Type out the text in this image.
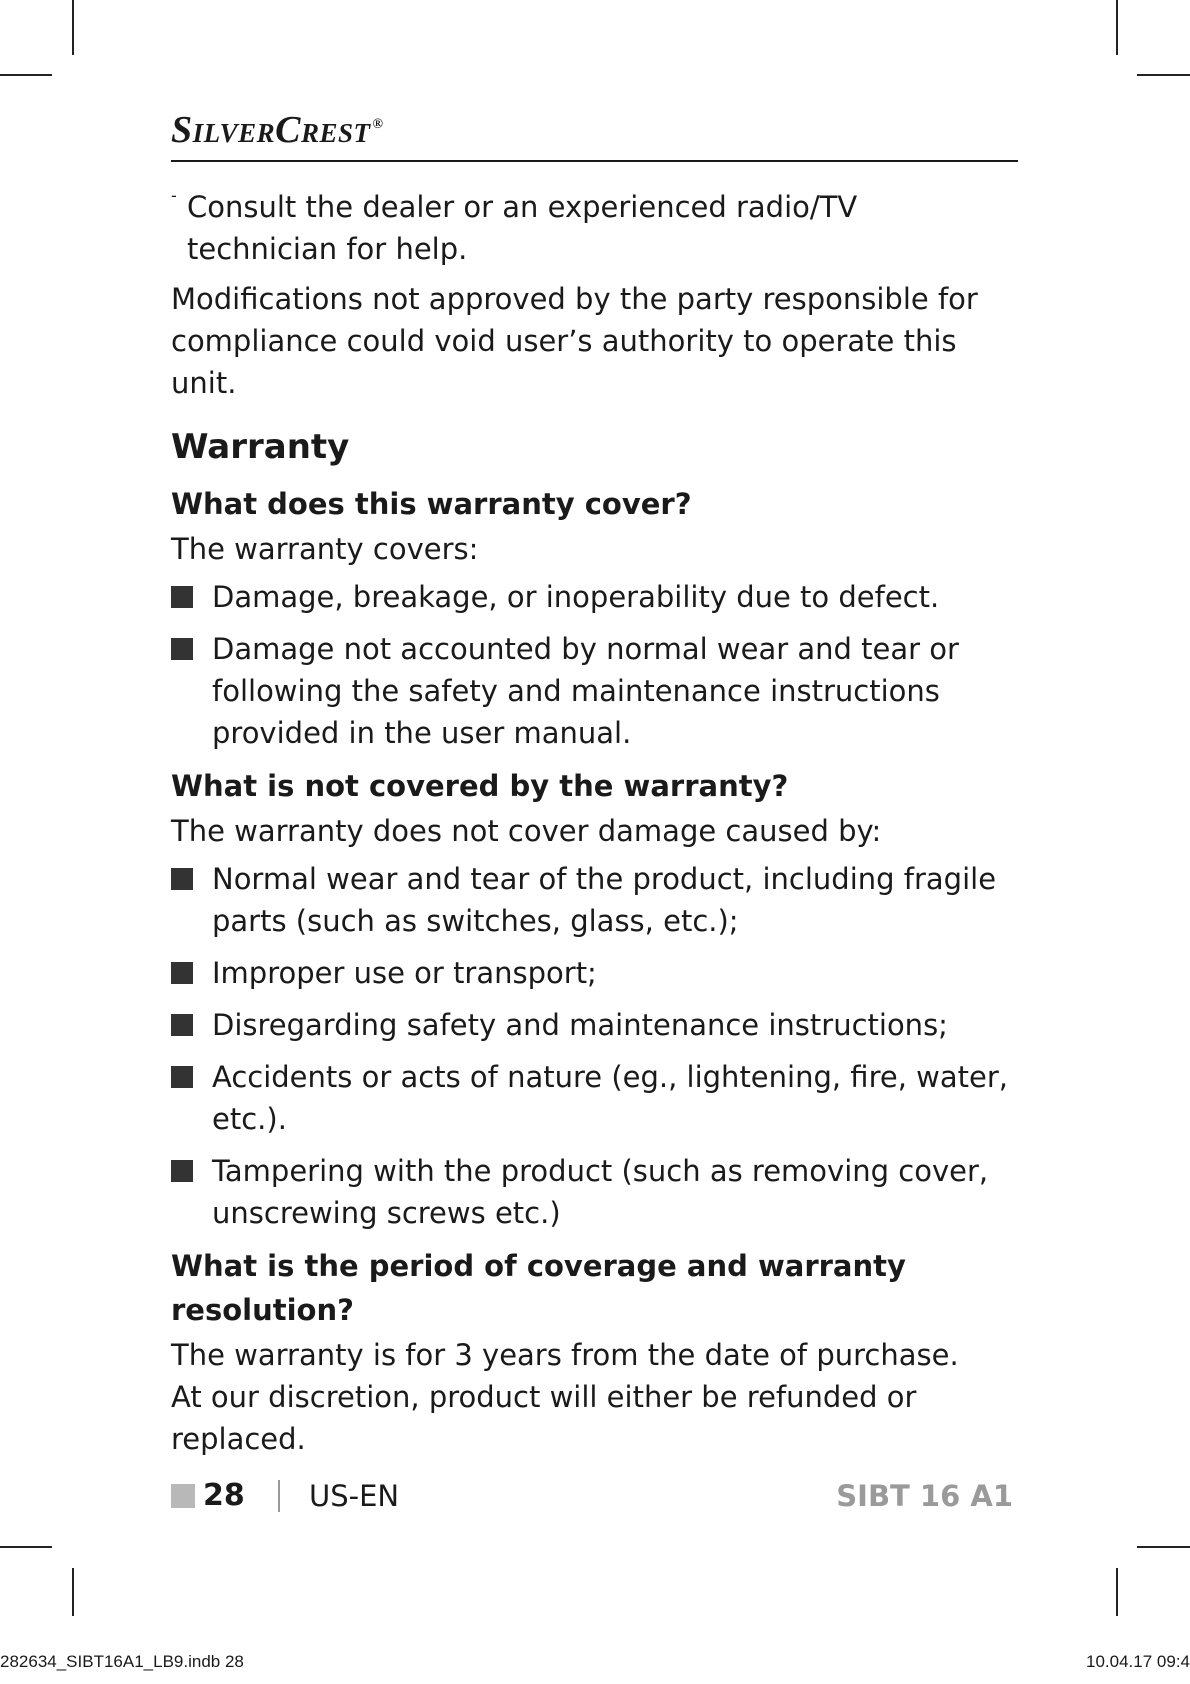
SilverCrest ®
- Consult the dealer or an experienced radio/TV technician for help.

Modifications not approved by the party responsible for compliance could void user’s authority to operate this unit.

Warranty
What does this warranty cover?

The warranty covers:

Damage, breakage, or inoperability due to defect.
Damage not accounted by normal wear and tear or following the safety and maintenance instructions provided in the user manual.
What is not covered by the warranty?

The warranty does not cover damage caused by:

Normal wear and tear of the product, including fragile parts (such as switches, glass, etc.);
Improper use or transport;
Disregarding safety and maintenance instructions;
Accidents or acts of nature (eg., lightening, fire, water, etc.).
Tampering with the product (such as removing cover, unscrewing screws etc.)
What is the period of coverage and warranty resolution?

The warranty is for 3 years from the date of purchase.

At our discretion, product will either be refunded or replaced.

28 US-EN	SIBT 16 A1
282634_SIBT16A1_LB9.indb 28	10.04.17 09:4
